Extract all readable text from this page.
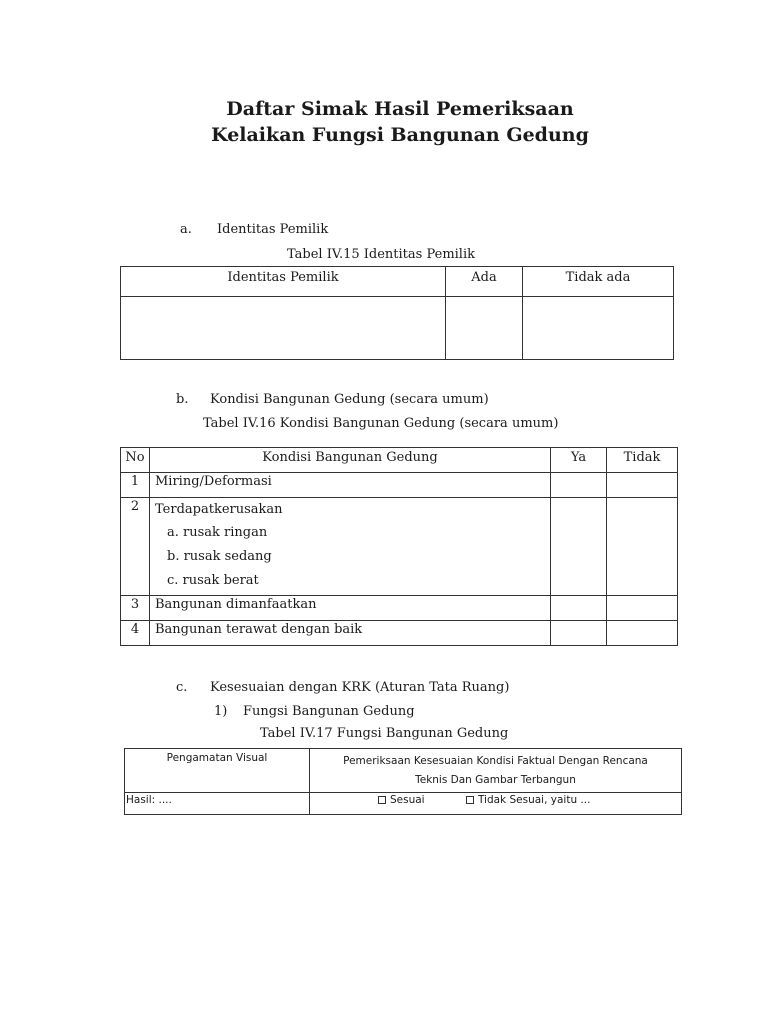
Daftar Simak Hasil Pemeriksaan
Kelaikan Fungsi Bangunan Gedung
a. Identitas Pemilik
Tabel IV.15 Identitas Pemilik
Identitas Pemilik	Ada	Tidak ada

b. Kondisi Bangunan Gedung (secara umum)
Tabel IV.16 Kondisi Bangunan Gedung (secara umum)
No	Kondisi Bangunan Gedung	Ya	Tidak
1	Miring/Deformasi		
2	Terdapatkerusakan
a. rusak ringan
b. rusak sedang
c. rusak berat		

3	Bangunan dimanfaatkan		
4	Bangunan terawat dengan baik		
c. Kesesuaian dengan KRK (Aturan Tata Ruang)
1) Fungsi Bangunan Gedung
Tabel IV.17 Fungsi Bangunan Gedung
Pengamatan Visual	Pemeriksaan Kesesuaian Kondisi Faktual Dengan Rencana
Teknis Dan Gambar Terbangun

Hasil: ....	Sesuai Tidak Sesuai, yaitu ...
